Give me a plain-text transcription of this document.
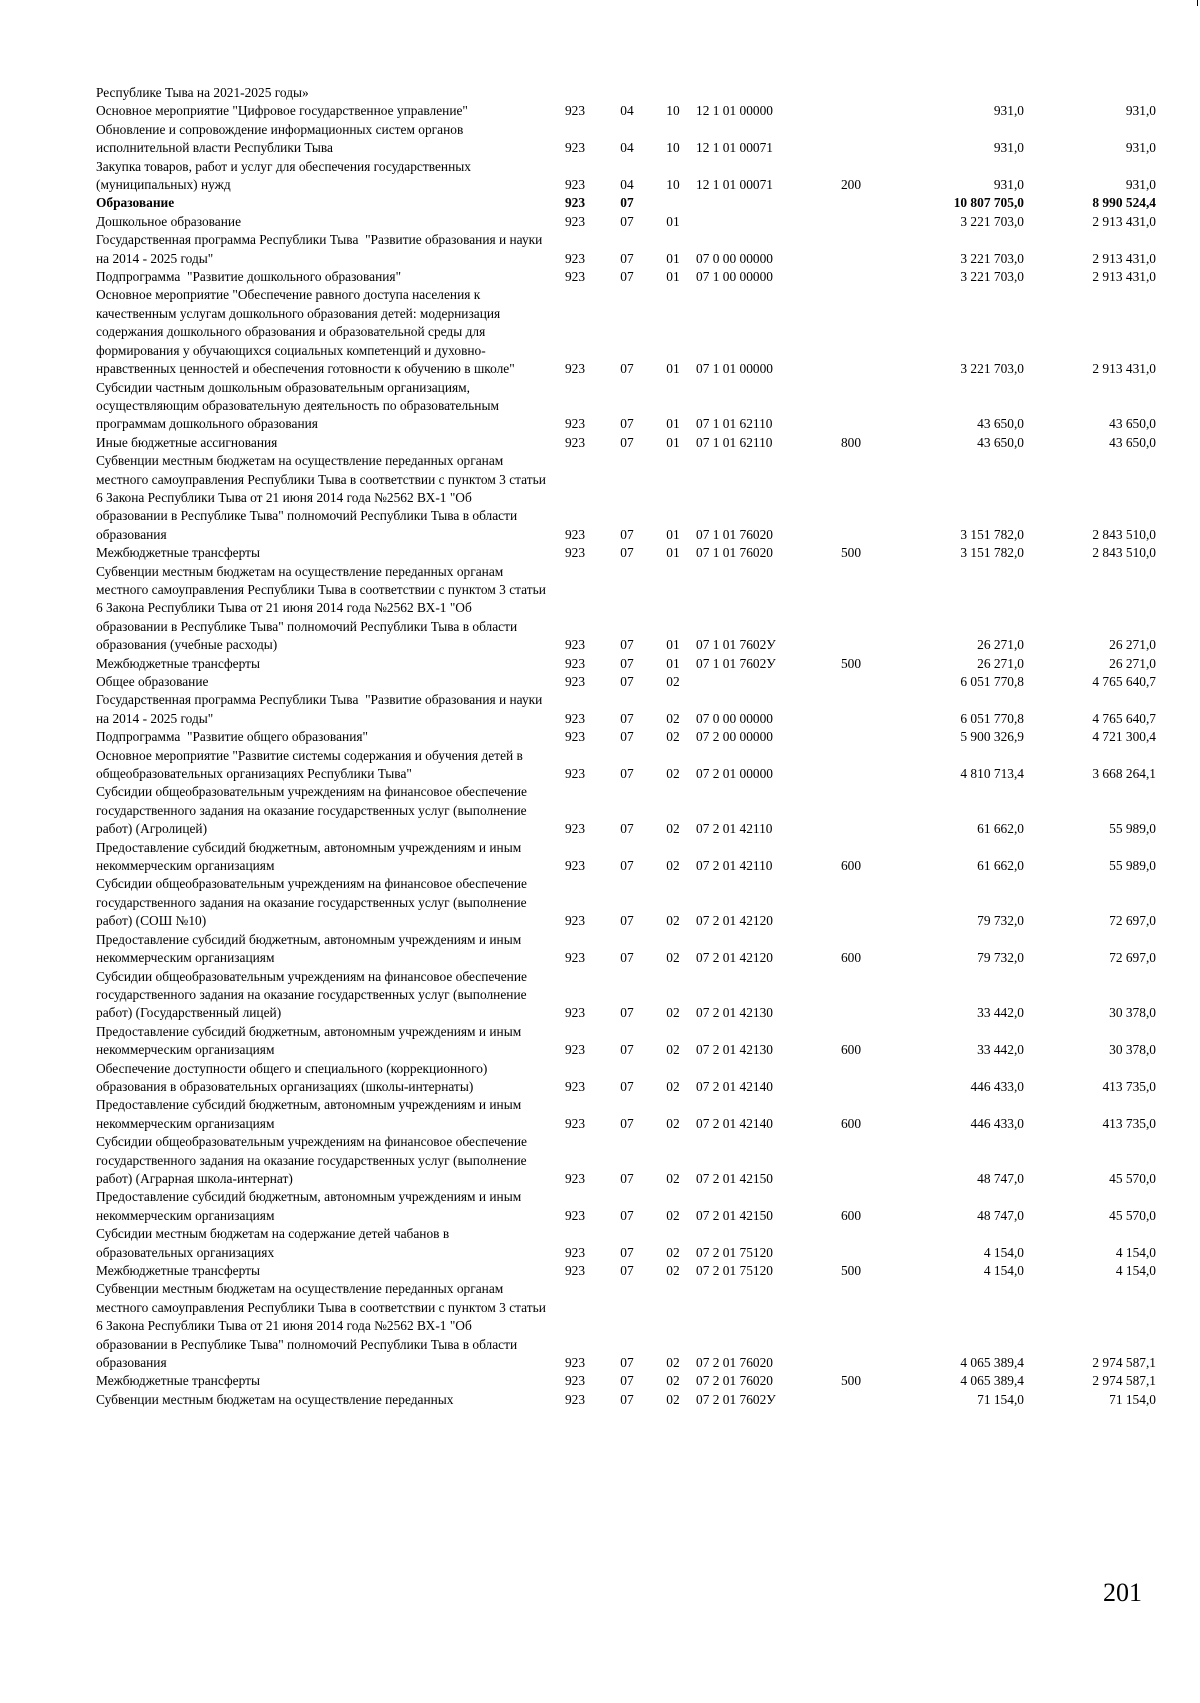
Республике Тыва на 2021-2025 годы»							
Основное мероприятие "Цифровое государственное управление"	923	04	10	12 1 01 00000		931,0	931,0
Обновление и сопровождение информационных систем органов исполнительной власти Республики Тыва	923	04	10	12 1 01 00071		931,0	931,0
Закупка товаров, работ и услуг для обеспечения государственных (муниципальных) нужд	923	04	10	12 1 01 00071	200	931,0	931,0
Образование	923	07				10 807 705,0	8 990 524,4
Дошкольное образование	923	07	01			3 221 703,0	2 913 431,0
Государственная программа Республики Тыва  "Развитие образования и науки на 2014 - 2025 годы"	923	07	01	07 0 00 00000		3 221 703,0	2 913 431,0
Подпрограмма  "Развитие дошкольного образования"	923	07	01	07 1 00 00000		3 221 703,0	2 913 431,0
Основное мероприятие "Обеспечение равного доступа населения к качественным услугам дошкольного образования детей: модернизация содержания дошкольного образования и образовательной среды для формирования у обучающихся социальных компетенций и духовно-нравственных ценностей и обеспечения готовности к обучению в школе"	923	07	01	07 1 01 00000		3 221 703,0	2 913 431,0
Субсидии частным дошкольным образовательным организациям, осуществляющим образовательную деятельность по образовательным программам дошкольного образования	923	07	01	07 1 01 62110		43 650,0	43 650,0
Иные бюджетные ассигнования	923	07	01	07 1 01 62110	800	43 650,0	43 650,0
Субвенции местным бюджетам на осуществление переданных органам местного самоуправления Республики Тыва в соответствии с пунктом 3 статьи 6 Закона Республики Тыва от 21 июня 2014 года №2562 ВХ-1 "Об образовании в Республике Тыва" полномочий Республики Тыва в области образования	923	07	01	07 1 01 76020		3 151 782,0	2 843 510,0
Межбюджетные трансферты	923	07	01	07 1 01 76020	500	3 151 782,0	2 843 510,0
Субвенции местным бюджетам на осуществление переданных органам местного самоуправления Республики Тыва в соответствии с пунктом 3 статьи 6 Закона Республики Тыва от 21 июня 2014 года №2562 ВХ-1 "Об образовании в Республике Тыва" полномочий Республики Тыва в области образования (учебные расходы)	923	07	01	07 1 01 7602У		26 271,0	26 271,0
Межбюджетные трансферты	923	07	01	07 1 01 7602У	500	26 271,0	26 271,0
Общее образование	923	07	02			6 051 770,8	4 765 640,7
Государственная программа Республики Тыва  "Развитие образования и науки на 2014 - 2025 годы"	923	07	02	07 0 00 00000		6 051 770,8	4 765 640,7
Подпрограмма  "Развитие общего образования"	923	07	02	07 2 00 00000		5 900 326,9	4 721 300,4
Основное мероприятие "Развитие системы содержания и обучения детей в общеобразовательных организациях Республики Тыва"	923	07	02	07 2 01 00000		4 810 713,4	3 668 264,1
Субсидии общеобразовательным учреждениям на финансовое обеспечение государственного задания на оказание государственных услуг (выполнение работ) (Агролицей)	923	07	02	07 2 01 42110		61 662,0	55 989,0
Предоставление субсидий бюджетным, автономным учреждениям и иным некоммерческим организациям	923	07	02	07 2 01 42110	600	61 662,0	55 989,0
Субсидии общеобразовательным учреждениям на финансовое обеспечение государственного задания на оказание государственных услуг (выполнение работ) (СОШ №10)	923	07	02	07 2 01 42120		79 732,0	72 697,0
Предоставление субсидий бюджетным, автономным учреждениям и иным некоммерческим организациям	923	07	02	07 2 01 42120	600	79 732,0	72 697,0
Субсидии общеобразовательным учреждениям на финансовое обеспечение государственного задания на оказание государственных услуг (выполнение работ) (Государственный лицей)	923	07	02	07 2 01 42130		33 442,0	30 378,0
Предоставление субсидий бюджетным, автономным учреждениям и иным некоммерческим организациям	923	07	02	07 2 01 42130	600	33 442,0	30 378,0
Обеспечение доступности общего и специального (коррекционного) образования в образовательных организациях (школы-интернаты)	923	07	02	07 2 01 42140		446 433,0	413 735,0
Предоставление субсидий бюджетным, автономным учреждениям и иным некоммерческим организациям	923	07	02	07 2 01 42140	600	446 433,0	413 735,0
Субсидии общеобразовательным учреждениям на финансовое обеспечение государственного задания на оказание государственных услуг (выполнение работ) (Аграрная школа-интернат)	923	07	02	07 2 01 42150		48 747,0	45 570,0
Предоставление субсидий бюджетным, автономным учреждениям и иным некоммерческим организациям	923	07	02	07 2 01 42150	600	48 747,0	45 570,0
Субсидии местным бюджетам на содержание детей чабанов в образовательных организациях	923	07	02	07 2 01 75120		4 154,0	4 154,0
Межбюджетные трансферты	923	07	02	07 2 01 75120	500	4 154,0	4 154,0
Субвенции местным бюджетам на осуществление переданных органам местного самоуправления Республики Тыва в соответствии с пунктом 3 статьи 6 Закона Республики Тыва от 21 июня 2014 года №2562 ВХ-1 "Об образовании в Республике Тыва" полномочий Республики Тыва в области образования	923	07	02	07 2 01 76020		4 065 389,4	2 974 587,1
Межбюджетные трансферты	923	07	02	07 2 01 76020	500	4 065 389,4	2 974 587,1
Субвенции местным бюджетам на осуществление переданных	923	07	02	07 2 01 7602У		71 154,0	71 154,0
201
